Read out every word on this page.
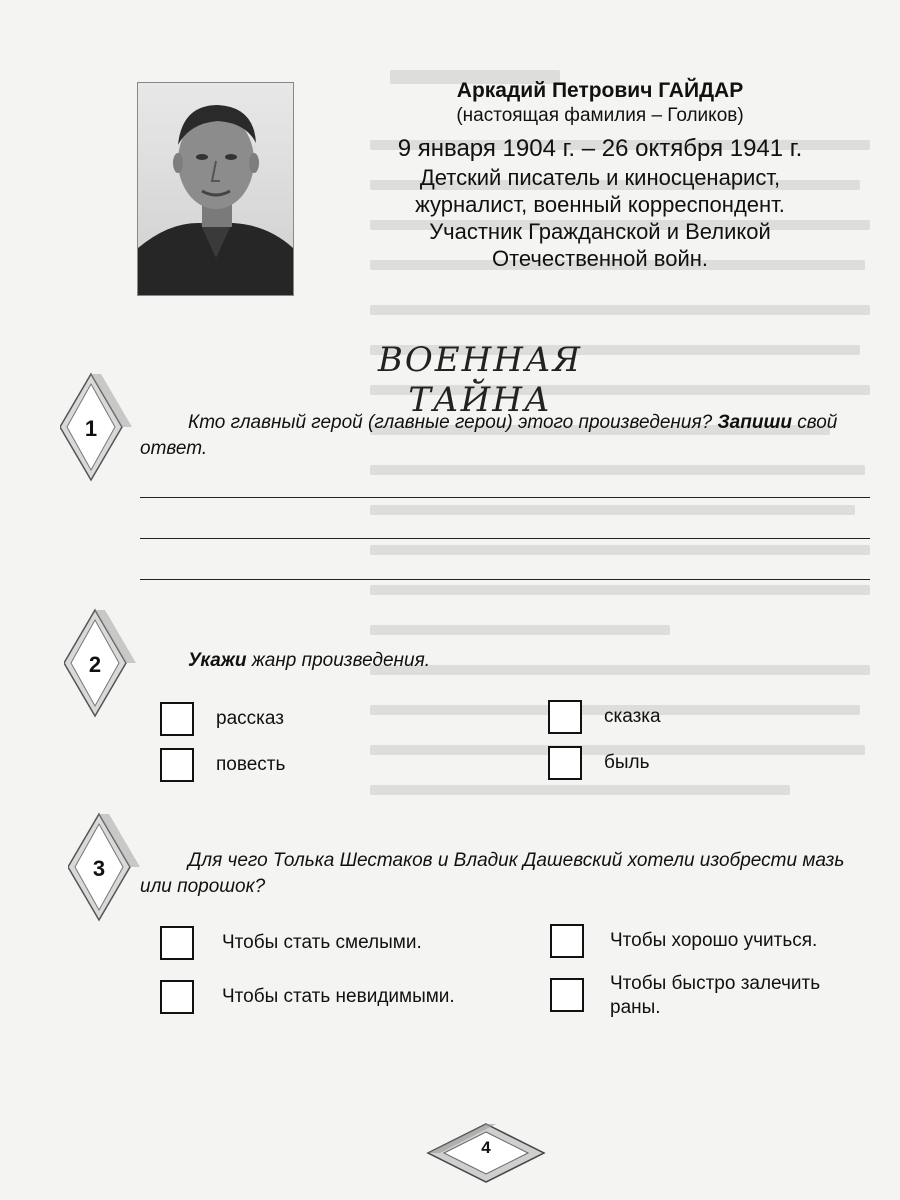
Аркадий Петрович ГАЙДАР
(настоящая фамилия – Голиков)
9 января 1904 г. – 26 октября 1941 г.
Детский писатель и киносценарист,
журналист, военный корреспондент.
Участник Гражданской и Великой
Отечественной войн.
ВОЕННАЯ ТАЙНА
1
2
3
Кто главный герой (главные герои) этого произведения? Запиши свой ответ.
Укажи жанр произведения.
рассказ
повесть
сказка
быль
Для чего Толька Шестаков и Владик Дашевский хотели изобрести мазь или порошок?
Чтобы стать смелыми.
Чтобы стать невидимыми.
Чтобы хорошо учиться.
Чтобы быстро залечить раны.
4
